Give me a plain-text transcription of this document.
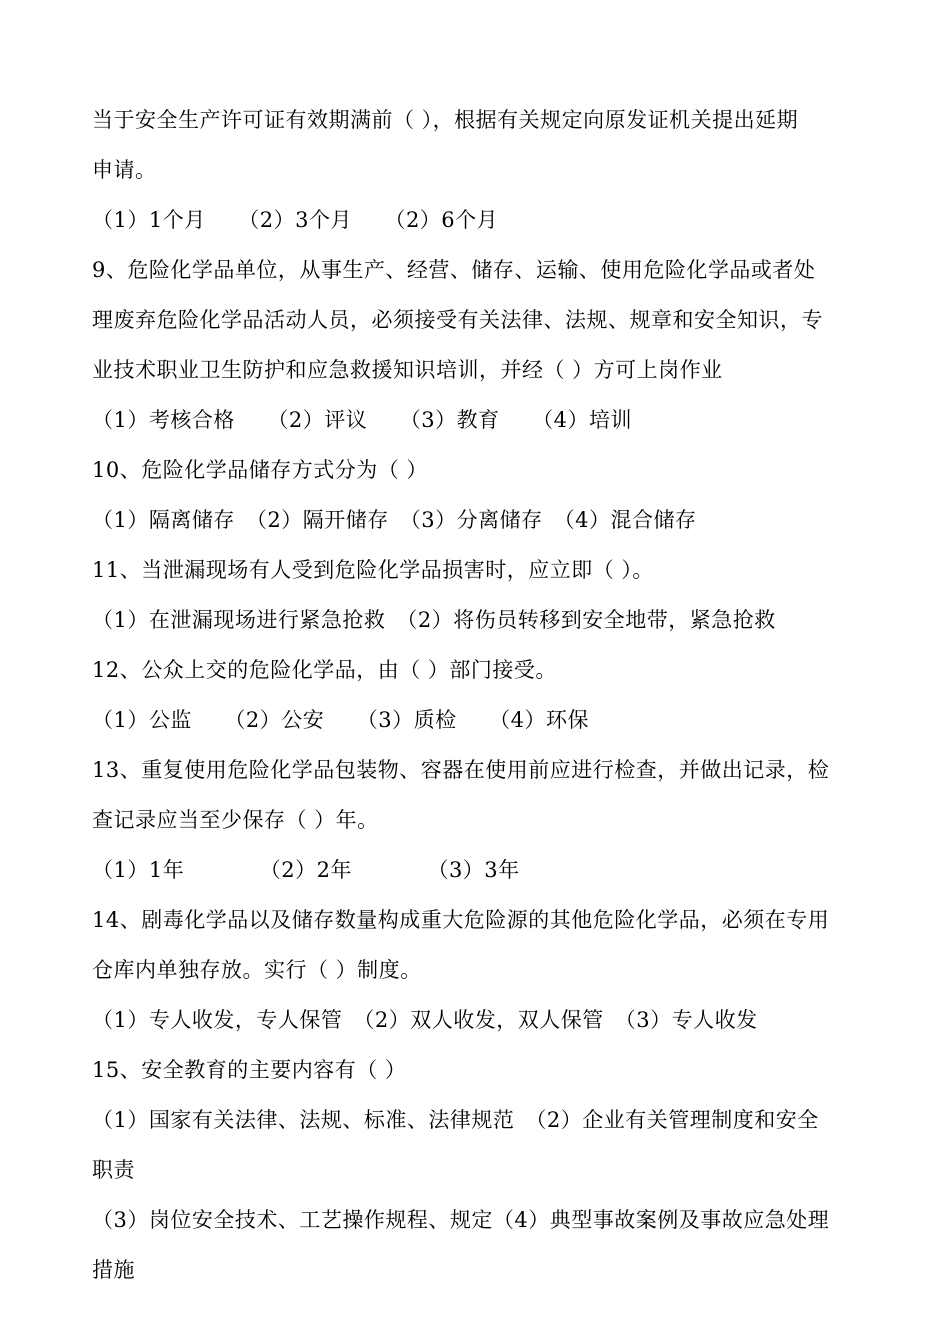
当于安全生产许可证有效期满前（ ），根据有关规定向原发证机关提出延期
申请。
（1）1个月　　（2）3个月　　（2）6个月
9、危险化学品单位，从事生产、经营、储存、运输、使用危险化学品或者处
理废弃危险化学品活动人员，必须接受有关法律、法规、规章和安全知识，专
业技术职业卫生防护和应急救援知识培训，并经（ ）方可上岗作业
（1）考核合格　　（2）评议　　（3）教育　　（4）培训
10、危险化学品储存方式分为（ ）
（1）隔离储存　（2）隔开储存　（3）分离储存　（4）混合储存
11、当泄漏现场有人受到危险化学品损害时，应立即（ ）。
（1）在泄漏现场进行紧急抢救　（2）将伤员转移到安全地带，紧急抢救
12、公众上交的危险化学品，由（ ）部门接受。
（1）公监　　（2）公安　　（3）质检　　（4）环保
13、重复使用危险化学品包装物、容器在使用前应进行检查，并做出记录，检
查记录应当至少保存（ ）年。
（1）1年　　　　（2）2年　　　　（3）3年
14、剧毒化学品以及储存数量构成重大危险源的其他危险化学品，必须在专用
仓库内单独存放。实行（ ）制度。
（1）专人收发，专人保管　（2）双人收发，双人保管　（3）专人收发
15、安全教育的主要内容有（ ）
（1）国家有关法律、法规、标准、法律规范　（2）企业有关管理制度和安全
职责
（3）岗位安全技术、工艺操作规程、规定（4）典型事故案例及事故应急处理
措施
